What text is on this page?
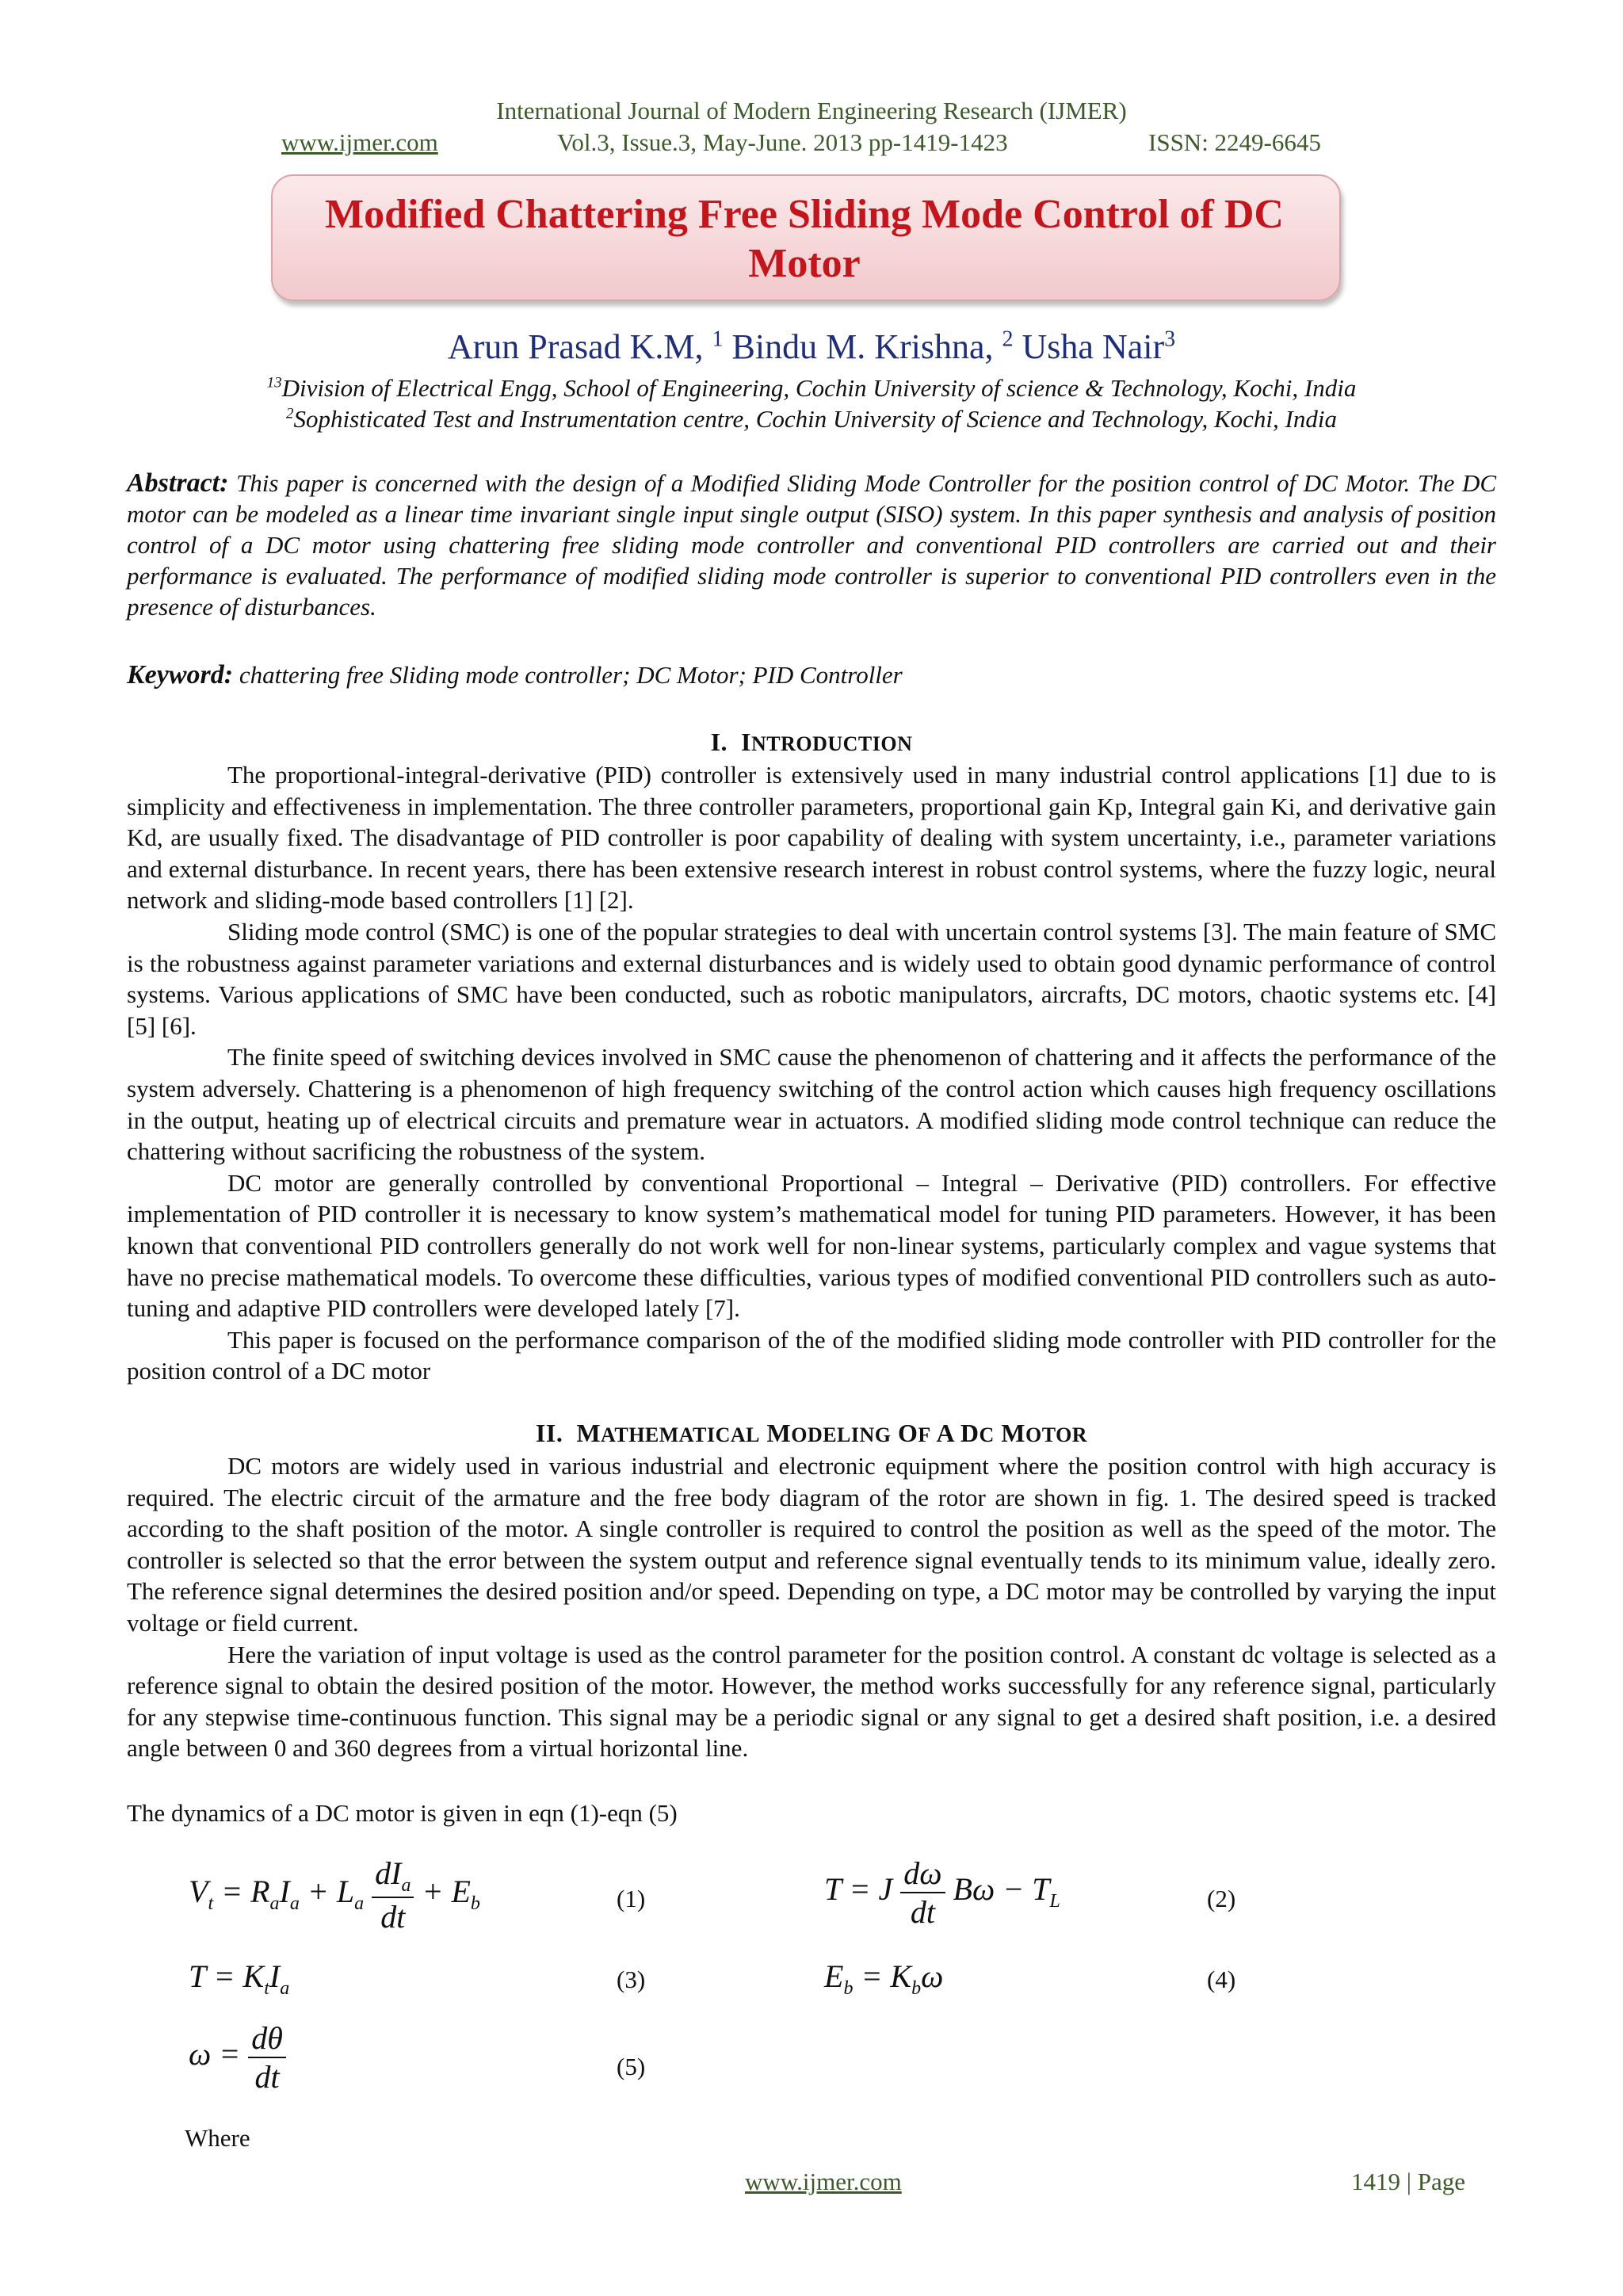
International Journal of Modern Engineering Research (IJMER)
www.ijmer.com	Vol.3, Issue.3, May-June. 2013 pp-1419-1423	ISSN: 2249-6645
Modified Chattering Free Sliding Mode Control of DC
Motor
Arun Prasad K.M, $^1$ Bindu M. Krishna, $^2$ Usha Nair$^3$
$^{13}$Division of Electrical Engg, School of Engineering, Cochin University of science & Technology, Kochi, India
$^2$Sophisticated Test and Instrumentation centre, Cochin University of Science and Technology, Kochi, India
Abstract: This paper is concerned with the design of a Modified Sliding Mode Controller for the position control of DC Motor. The DC motor can be modeled as a linear time invariant single input single output (SISO) system. In this paper synthesis and analysis of position control of a DC motor using chattering free sliding mode controller and conventional PID controllers are carried out and their performance is evaluated. The performance of modified sliding mode controller is superior to conventional PID controllers even in the presence of disturbances.
Keyword: chattering free Sliding mode controller; DC Motor; PID Controller
I. INTRODUCTION

The proportional-integral-derivative (PID) controller is extensively used in many industrial control applications [1] due to is simplicity and effectiveness in implementation. The three controller parameters, proportional gain Kp, Integral gain Ki, and derivative gain Kd, are usually fixed. The disadvantage of PID controller is poor capability of dealing with system uncertainty, i.e., parameter variations and external disturbance. In recent years, there has been extensive research interest in robust control systems, where the fuzzy logic, neural network and sliding-mode based controllers [1] [2].

Sliding mode control (SMC) is one of the popular strategies to deal with uncertain control systems [3]. The main feature of SMC is the robustness against parameter variations and external disturbances and is widely used to obtain good dynamic performance of control systems. Various applications of SMC have been conducted, such as robotic manipulators, aircrafts, DC motors, chaotic systems etc. [4] [5] [6].

The finite speed of switching devices involved in SMC cause the phenomenon of chattering and it affects the performance of the system adversely. Chattering is a phenomenon of high frequency switching of the control action which causes high frequency oscillations in the output, heating up of electrical circuits and premature wear in actuators. A modified sliding mode control technique can reduce the chattering without sacrificing the robustness of the system.

DC motor are generally controlled by conventional Proportional – Integral – Derivative (PID) controllers. For effective implementation of PID controller it is necessary to know system’s mathematical model for tuning PID parameters. However, it has been known that conventional PID controllers generally do not work well for non-linear systems, particularly complex and vague systems that have no precise mathematical models. To overcome these difficulties, various types of modified conventional PID controllers such as auto-tuning and adaptive PID controllers were developed lately [7].

This paper is focused on the performance comparison of the of the modified sliding mode controller with PID controller for the position control of a DC motor

II. MATHEMATICAL MODELING OF A DC MOTOR

DC motors are widely used in various industrial and electronic equipment where the position control with high accuracy is required. The electric circuit of the armature and the free body diagram of the rotor are shown in fig. 1. The desired speed is tracked according to the shaft position of the motor. A single controller is required to control the position as well as the speed of the motor. The controller is selected so that the error between the system output and reference signal eventually tends to its minimum value, ideally zero. The reference signal determines the desired position and/or speed. Depending on type, a DC motor may be controlled by varying the input voltage or field current.

Here the variation of input voltage is used as the control parameter for the position control. A constant dc voltage is selected as a reference signal to obtain the desired position of the motor. However, the method works successfully for any reference signal, particularly for any stepwise time-continuous function. This signal may be a periodic signal or any signal to get a desired shaft position, i.e. a desired angle between 0 and 360 degrees from a virtual horizontal line.

The dynamics of a DC motor is given in eqn (1)-eqn (5)
$V_t = R_aI_a + L_a \frac{dI_a}{dt} + E_b$	(1)	T = J $\frac{d\omega}{dt}$ $B\omega - T_L$	(2)
$T = K_tI_a$	(3)	$E_b = K_b\omega$	(4)
$\omega = \frac{d\theta}{dt}$	(5)
Where
www.ijmer.com	1419 | Page
